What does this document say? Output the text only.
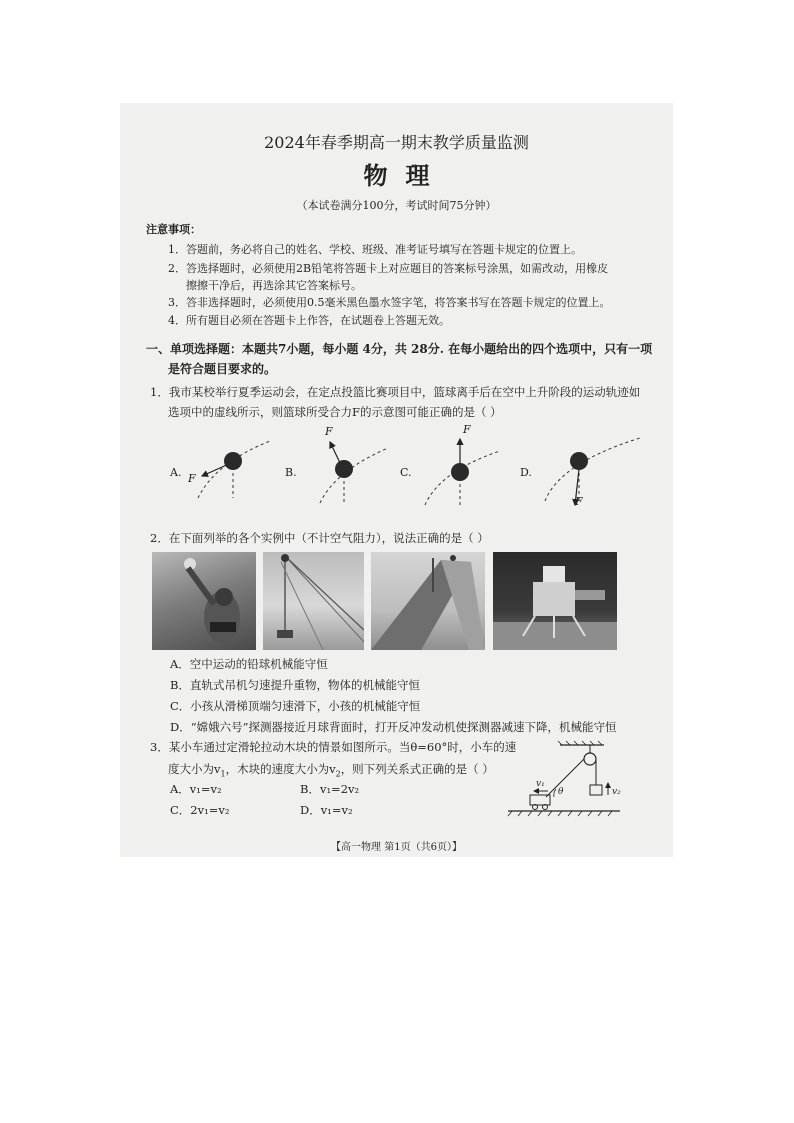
2024年春季期高一期末教学质量监测
物理
（本试卷满分100分，考试时间75分钟）
注意事项：
1．答题前，务必将自己的姓名、学校、班级、准考证号填写在答题卡规定的位置上。
2．答选择题时，必须使用2B铅笔将答题卡上对应题目的答案标号涂黑，如需改动，用橡皮
擦擦干净后，再选涂其它答案标号。
3．答非选择题时，必须使用0.5毫米黑色墨水签字笔，将答案书写在答题卡规定的位置上。
4．所有题目必须在答题卡上作答，在试题卷上答题无效。
一、单项选择题：本题共7小题，每小题 4分，共 28分. 在每小题给出的四个选项中，只有一项
是符合题目要求的。
1．我市某校举行夏季运动会，在定点投篮比赛项目中，篮球离手后在空中上升阶段的运动轨迹如
选项中的虚线所示，则篮球所受合力F的示意图可能正确的是（ ）
A.	B.	C.	D.
F
F	F
F
2．在下面列举的各个实例中（不计空气阻力），说法正确的是（ ）
A．空中运动的铅球机械能守恒
B．直轨式吊机匀速提升重物，物体的机械能守恒
C．小孩从滑梯顶端匀速滑下，小孩的机械能守恒
D．“嫦娥六号”探测器接近月球背面时，打开反冲发动机使探测器减速下降，机械能守恒
3．某小车通过定滑轮拉动木块的情景如图所示。当θ=60°时，小车的速
度大小为$v_1$，木块的速度大小为$v_2$，则下列关系式正确的是（ ）
A．v₁=v₂	B．v₁=2v₂
C．2v₁=v₂	D．v₁=v₂
v₁
v₂
θ
【高一物理 第1页（共6页）】
